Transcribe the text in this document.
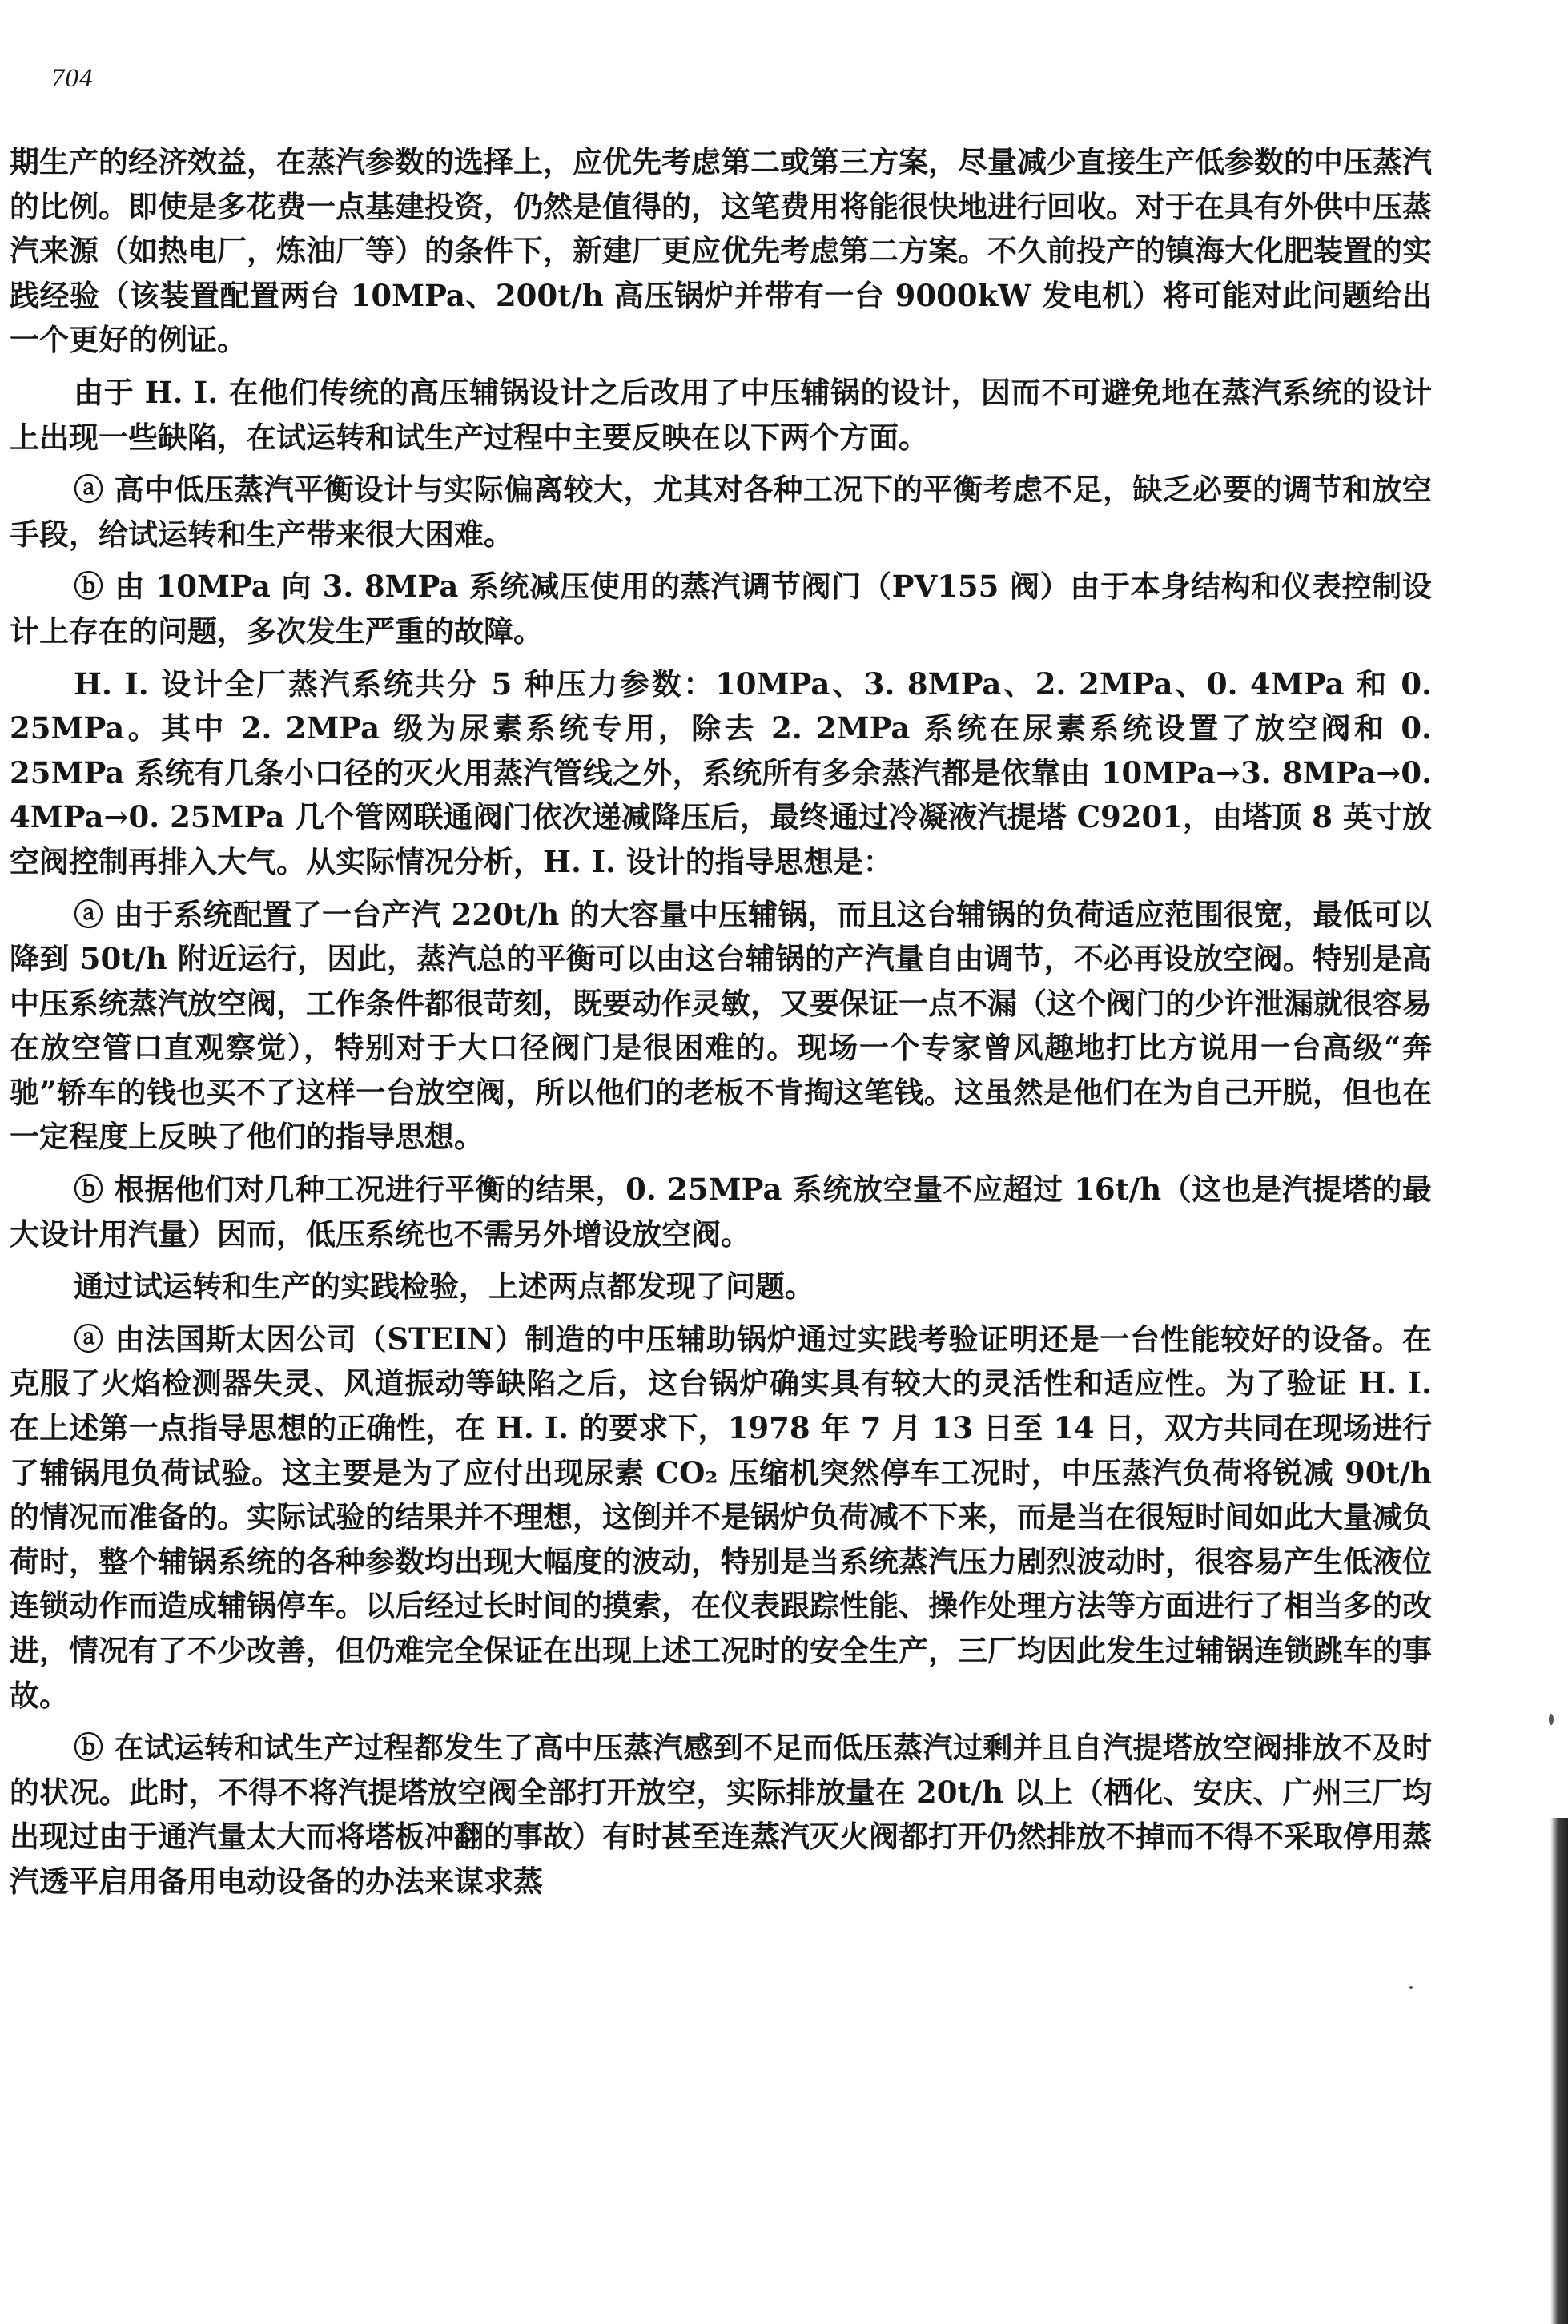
704

期生产的经济效益，在蒸汽参数的选择上，应优先考虑第二或第三方案，尽量减少直接生产低参数的中压蒸汽的比例。即使是多花费一点基建投资，仍然是值得的，这笔费用将能很快地进行回收。对于在具有外供中压蒸汽来源（如热电厂，炼油厂等）的条件下，新建厂更应优先考虑第二方案。不久前投产的镇海大化肥装置的实践经验（该装置配置两台 10MPa、200t/h 高压锅炉并带有一台 9000kW 发电机）将可能对此问题给出一个更好的例证。

由于 H. I. 在他们传统的高压辅锅设计之后改用了中压辅锅的设计，因而不可避免地在蒸汽系统的设计上出现一些缺陷，在试运转和试生产过程中主要反映在以下两个方面。

ⓐ 高中低压蒸汽平衡设计与实际偏离较大，尤其对各种工况下的平衡考虑不足，缺乏必要的调节和放空手段，给试运转和生产带来很大困难。

ⓑ 由 10MPa 向 3. 8MPa 系统减压使用的蒸汽调节阀门（PV155 阀）由于本身结构和仪表控制设计上存在的问题，多次发生严重的故障。

H. I. 设计全厂蒸汽系统共分 5 种压力参数：10MPa、3. 8MPa、2. 2MPa、0. 4MPa 和 0. 25MPa。其中 2. 2MPa 级为尿素系统专用，除去 2. 2MPa 系统在尿素系统设置了放空阀和 0. 25MPa 系统有几条小口径的灭火用蒸汽管线之外，系统所有多余蒸汽都是依靠由 10MPa→3. 8MPa→0. 4MPa→0. 25MPa 几个管网联通阀门依次递减降压后，最终通过冷凝液汽提塔 C9201，由塔顶 8 英寸放空阀控制再排入大气。从实际情况分析，H. I. 设计的指导思想是：

ⓐ 由于系统配置了一台产汽 220t/h 的大容量中压辅锅，而且这台辅锅的负荷适应范围很宽，最低可以降到 50t/h 附近运行，因此，蒸汽总的平衡可以由这台辅锅的产汽量自由调节，不必再设放空阀。特别是高中压系统蒸汽放空阀，工作条件都很苛刻，既要动作灵敏，又要保证一点不漏（这个阀门的少许泄漏就很容易在放空管口直观察觉），特别对于大口径阀门是很困难的。现场一个专家曾风趣地打比方说用一台高级“奔驰”轿车的钱也买不了这样一台放空阀，所以他们的老板不肯掏这笔钱。这虽然是他们在为自己开脱，但也在一定程度上反映了他们的指导思想。

ⓑ 根据他们对几种工况进行平衡的结果，0. 25MPa 系统放空量不应超过 16t/h（这也是汽提塔的最大设计用汽量）因而，低压系统也不需另外增设放空阀。

通过试运转和生产的实践检验，上述两点都发现了问题。

ⓐ 由法国斯太因公司（STEIN）制造的中压辅助锅炉通过实践考验证明还是一台性能较好的设备。在克服了火焰检测器失灵、风道振动等缺陷之后，这台锅炉确实具有较大的灵活性和适应性。为了验证 H. I. 在上述第一点指导思想的正确性，在 H. I. 的要求下，1978 年 7 月 13 日至 14 日，双方共同在现场进行了辅锅甩负荷试验。这主要是为了应付出现尿素 CO₂ 压缩机突然停车工况时，中压蒸汽负荷将锐减 90t/h 的情况而准备的。实际试验的结果并不理想，这倒并不是锅炉负荷减不下来，而是当在很短时间如此大量减负荷时，整个辅锅系统的各种参数均出现大幅度的波动，特别是当系统蒸汽压力剧烈波动时，很容易产生低液位连锁动作而造成辅锅停车。以后经过长时间的摸索，在仪表跟踪性能、操作处理方法等方面进行了相当多的改进，情况有了不少改善，但仍难完全保证在出现上述工况时的安全生产，三厂均因此发生过辅锅连锁跳车的事故。

ⓑ 在试运转和试生产过程都发生了高中压蒸汽感到不足而低压蒸汽过剩并且自汽提塔放空阀排放不及时的状况。此时，不得不将汽提塔放空阀全部打开放空，实际排放量在 20t/h 以上（栖化、安庆、广州三厂均出现过由于通汽量太大而将塔板冲翻的事故）有时甚至连蒸汽灭火阀都打开仍然排放不掉而不得不采取停用蒸汽透平启用备用电动设备的办法来谋求蒸
